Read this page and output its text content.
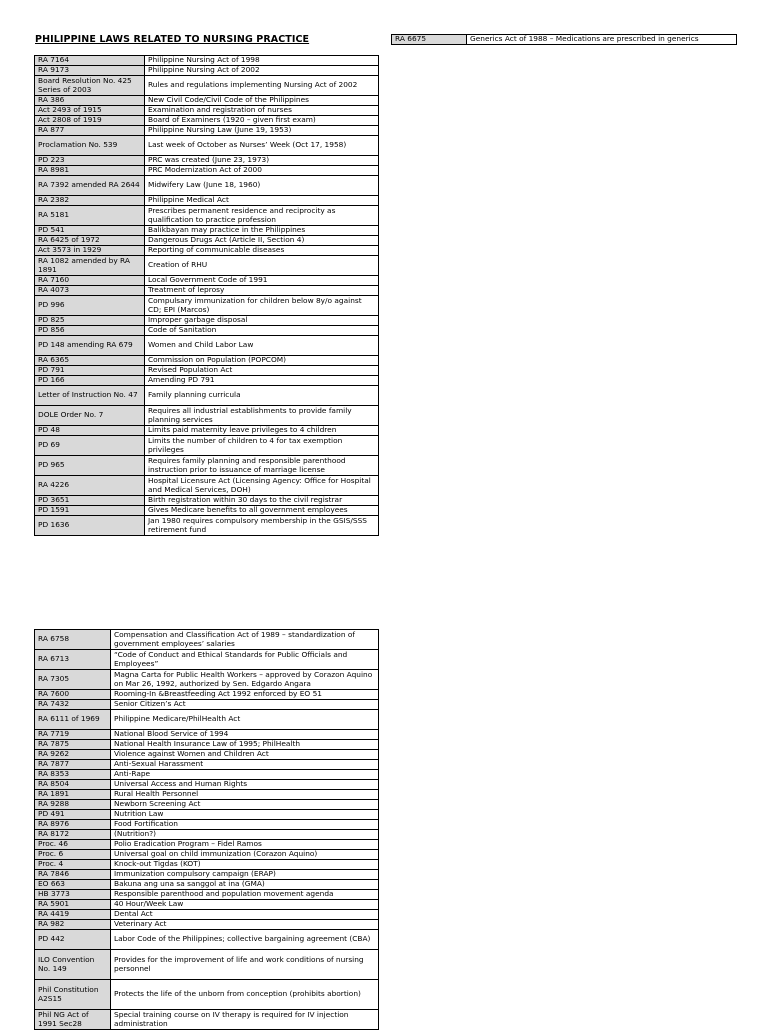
PHILIPPINE LAWS RELATED TO NURSING PRACTICE	RA 6675	Generics Act of 1988 – Medications are prescribed in generics
RA 7164	Philippine Nursing Act of 1998
RA 9173	Philippine Nursing Act of 2002
Board Resolution No. 425 Series of 2003	Rules and regulations implementing Nursing Act of 2002
RA 386	New Civil Code/Civil Code of the Philippines
Act 2493 of 1915	Examination and registration of nurses
Act 2808 of 1919	Board of Examiners (1920 – given first exam)
RA 877	Philippine Nursing Law (June 19, 1953)
Proclamation No. 539	Last week of October as Nurses’ Week (Oct 17, 1958)
PD 223	PRC was created (June 23, 1973)
RA 8981	PRC Modernization Act of 2000
RA 7392 amended RA 2644	Midwifery Law (June 18, 1960)
RA 2382	Philippine Medical Act
RA 5181	Prescribes permanent residence and reciprocity as qualification to practice profession
PD 541	Balikbayan may practice in the Philippines
RA 6425 of 1972	Dangerous Drugs Act (Article II, Section 4)
Act 3573 in 1929	Reporting of communicable diseases
RA 1082 amended by RA 1891	Creation of RHU
RA 7160	Local Government Code of 1991
RA 4073	Treatment of leprosy
PD 996	Compulsary immunization for children below 8y/o against CD; EPI (Marcos)
PD 825	Improper garbage disposal
PD 856	Code of Sanitation
PD 148 amending RA 679	Women and Child Labor Law
RA 6365	Commission on Population (POPCOM)
PD 791	Revised Population Act
PD 166	Amending PD 791
Letter of Instruction No. 47	Family planning curricula
DOLE Order No. 7	Requires all industrial establishments to provide family planning services
PD 48	Limits paid maternity leave privileges to 4 children
PD 69	Limits the number of children to 4 for tax exemption privileges
PD 965	Requires family planning and responsible parenthood instruction prior to issuance of marriage license
RA 4226	Hospital Licensure Act (Licensing Agency: Office for Hospital and Medical Services, DOH)
PD 3651	Birth registration within 30 days to the civil registrar
PD 1591	Gives Medicare benefits to all government employees
PD 1636	Jan 1980 requires compulsory membership in the GSIS/SSS retirement fund
RA 6758	Compensation and Classification Act of 1989 – standardization of government employees’ salaries
RA 6713	“Code of Conduct and Ethical Standards for Public Officials and Employees”
RA 7305	Magna Carta for Public Health Workers – approved by Corazon Aquino on Mar 26, 1992, authorized by Sen. Edgardo Angara
RA 7600	Rooming-In &Breastfeeding Act 1992 enforced by EO 51
RA 7432	Senior Citizen’s Act
RA 6111 of 1969	Philippine Medicare/PhilHealth Act
RA 7719	National Blood Service of 1994
RA 7875	National Health Insurance Law of 1995; PhilHealth
RA 9262	Violence against Women and Children Act
RA 7877	Anti-Sexual Harassment
RA 8353	Anti-Rape
RA 8504	Universal Access and Human Rights
RA 1891	Rural Health Personnel
RA 9288	Newborn Screening Act
PD 491	Nutrition Law
RA 8976	Food Fortification
RA 8172	(Nutrition?)
Proc. 46	Polio Eradication Program – Fidel Ramos
Proc. 6	Universal goal on child immunization (Corazon Aquino)
Proc. 4	Knock-out Tigdas (KOT)
RA 7846	Immunization compulsory campaign (ERAP)
EO 663	Bakuna ang una sa sanggol at ina (GMA)
HB 3773	Responsible parenthood and population movement agenda
RA 5901	40 Hour/Week Law
RA 4419	Dental Act
RA 982	Veterinary Act
PD 442	Labor Code of the Philippines; collective bargaining agreement (CBA)
ILO Convention No. 149	Provides for the improvement of life and work conditions of nursing personnel
Phil Constitution A2S15	Protects the life of the unborn from conception (prohibits abortion)
Phil NG Act of 1991 Sec28	Special training course on IV therapy is required for IV injection administration
